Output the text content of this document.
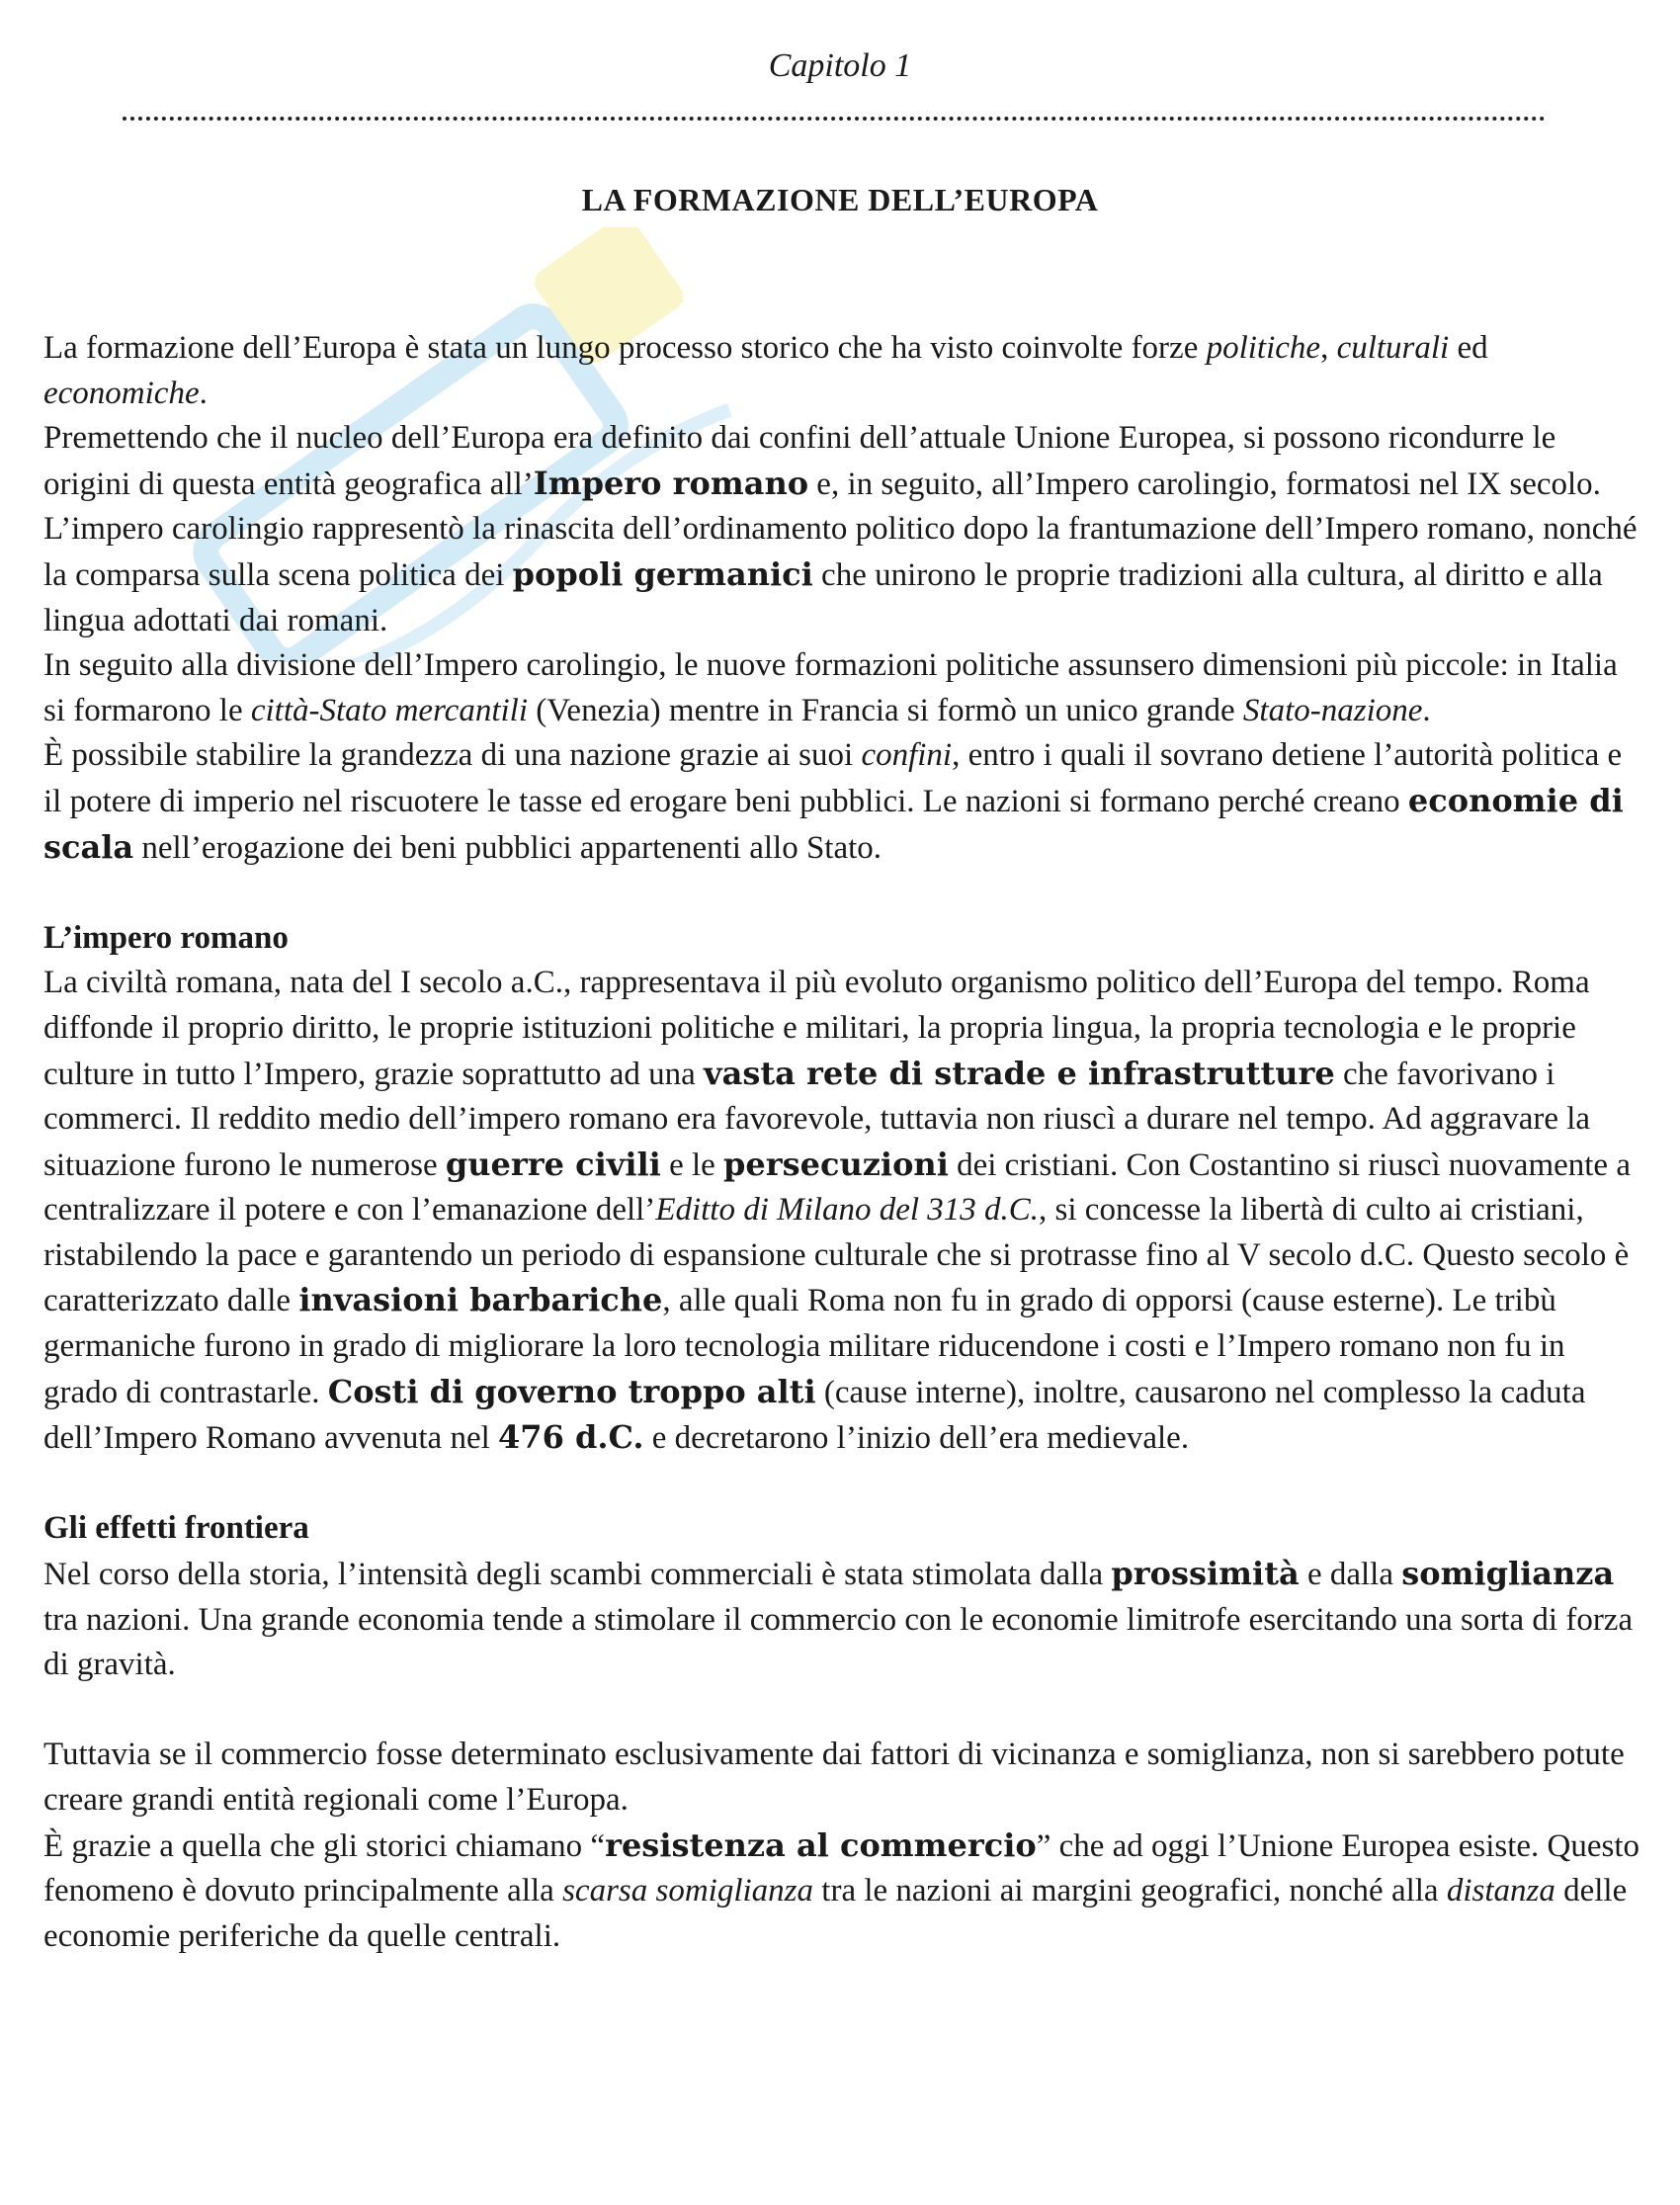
Capitolo 1
LA FORMAZIONE DELL’EUROPA

La formazione dell’Europa è stata un lungo processo storico che ha visto coinvolte forze politiche, culturali ed economiche.

Premettendo che il nucleo dell’Europa era definito dai confini dell’attuale Unione Europea, si possono ricondurre le origini di questa entità geografica all’Impero romano e, in seguito, all’Impero carolingio, formatosi nel IX secolo. L’impero carolingio rappresentò la rinascita dell’ordinamento politico dopo la frantumazione dell’Impero romano, nonché la comparsa sulla scena politica dei popoli germanici che unirono le proprie tradizioni alla cultura, al diritto e alla lingua adottati dai romani.

In seguito alla divisione dell’Impero carolingio, le nuove formazioni politiche assunsero dimensioni più piccole: in Italia si formarono le città-Stato mercantili (Venezia) mentre in Francia si formò un unico grande Stato-nazione.

È possibile stabilire la grandezza di una nazione grazie ai suoi confini, entro i quali il sovrano detiene l’autorità politica e il potere di imperio nel riscuotere le tasse ed erogare beni pubblici. Le nazioni si formano perché creano economie di scala nell’erogazione dei beni pubblici appartenenti allo Stato.

L’impero romano

La civiltà romana, nata del I secolo a.C., rappresentava il più evoluto organismo politico dell’Europa del tempo. Roma diffonde il proprio diritto, le proprie istituzioni politiche e militari, la propria lingua, la propria tecnologia e le proprie culture in tutto l’Impero, grazie soprattutto ad una vasta rete di strade e infrastrutture che favorivano i commerci. Il reddito medio dell’impero romano era favorevole, tuttavia non riuscì a durare nel tempo. Ad aggravare la situazione furono le numerose guerre civili e le persecuzioni dei cristiani. Con Costantino si riuscì nuovamente a centralizzare il potere e con l’emanazione dell’Editto di Milano del 313 d.C., si concesse la libertà di culto ai cristiani, ristabilendo la pace e garantendo un periodo di espansione culturale che si protrasse fino al V secolo d.C. Questo secolo è caratterizzato dalle invasioni barbariche, alle quali Roma non fu in grado di opporsi (cause esterne). Le tribù germaniche furono in grado di migliorare la loro tecnologia militare riducendone i costi e l’Impero romano non fu in grado di contrastarle. Costi di governo troppo alti (cause interne), inoltre, causarono nel complesso la caduta dell’Impero Romano avvenuta nel 476 d.C. e decretarono l’inizio dell’era medievale.

Gli effetti frontiera

Nel corso della storia, l’intensità degli scambi commerciali è stata stimolata dalla prossimità e dalla somiglianza tra nazioni. Una grande economia tende a stimolare il commercio con le economie limitrofe esercitando una sorta di forza di gravità.

Tuttavia se il commercio fosse determinato esclusivamente dai fattori di vicinanza e somiglianza, non si sarebbero potute creare grandi entità regionali come l’Europa.

È grazie a quella che gli storici chiamano “resistenza al commercio” che ad oggi l’Unione Europea esiste. Questo fenomeno è dovuto principalmente alla scarsa somiglianza tra le nazioni ai margini geografici, nonché alla distanza delle economie periferiche da quelle centrali.
